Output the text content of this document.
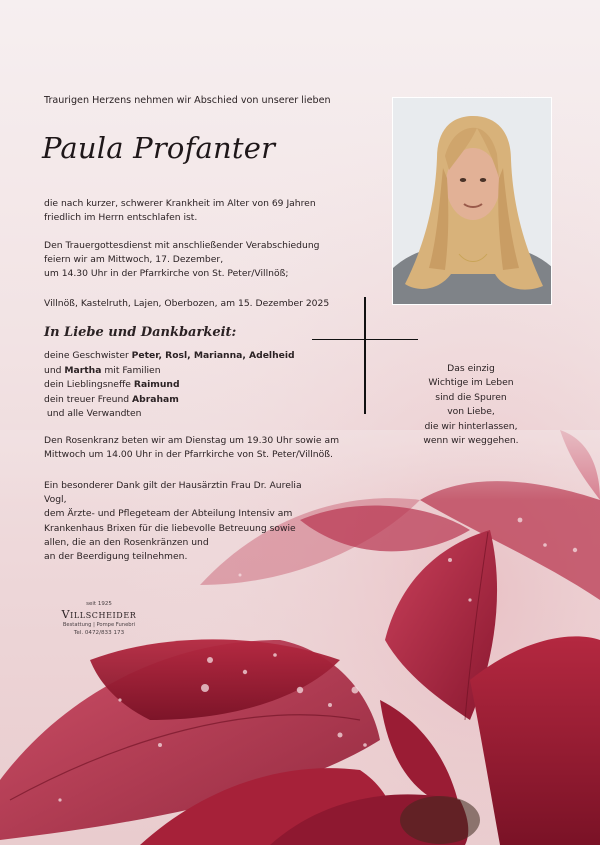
Traurigen Herzens nehmen wir Abschied von unserer lieben
Paula Profanter
die nach kurzer, schwerer Krankheit im Alter von 69 Jahren
friedlich im Herrn entschlafen ist.
Den Trauergottesdienst mit anschließender Verabschiedung
feiern wir am Mittwoch, 17. Dezember,
um 14.30 Uhr in der Pfarrkirche von St. Peter/Villnöß;
Villnöß, Kastelruth, Lajen, Oberbozen, am 15. Dezember 2025
In Liebe und Dankbarkeit:
deine Geschwister Peter, Rosl, Marianna, Adelheid
und Martha mit Familien
dein Lieblingsneffe Raimund
dein treuer Freund Abraham
und alle Verwandten
Den Rosenkranz beten wir am Dienstag um 19.30 Uhr sowie am
Mittwoch um 14.00 Uhr in der Pfarrkirche von St. Peter/Villnöß.
Ein besonderer Dank gilt der Hausärztin Frau Dr. Aurelia Vogl,
dem Ärzte- und Pflegeteam der Abteilung Intensiv am
Krankenhaus Brixen für die liebevolle Betreuung sowie
allen, die an den Rosenkränzen und
an der Beerdigung teilnehmen.
Das einzig
Wichtige im Leben
sind die Spuren
von Liebe,
die wir hinterlassen,
wenn wir weggehen.
seit 1925
Villscheider
Bestattung | Pompe Funebri
Tel. 0472/833 173
